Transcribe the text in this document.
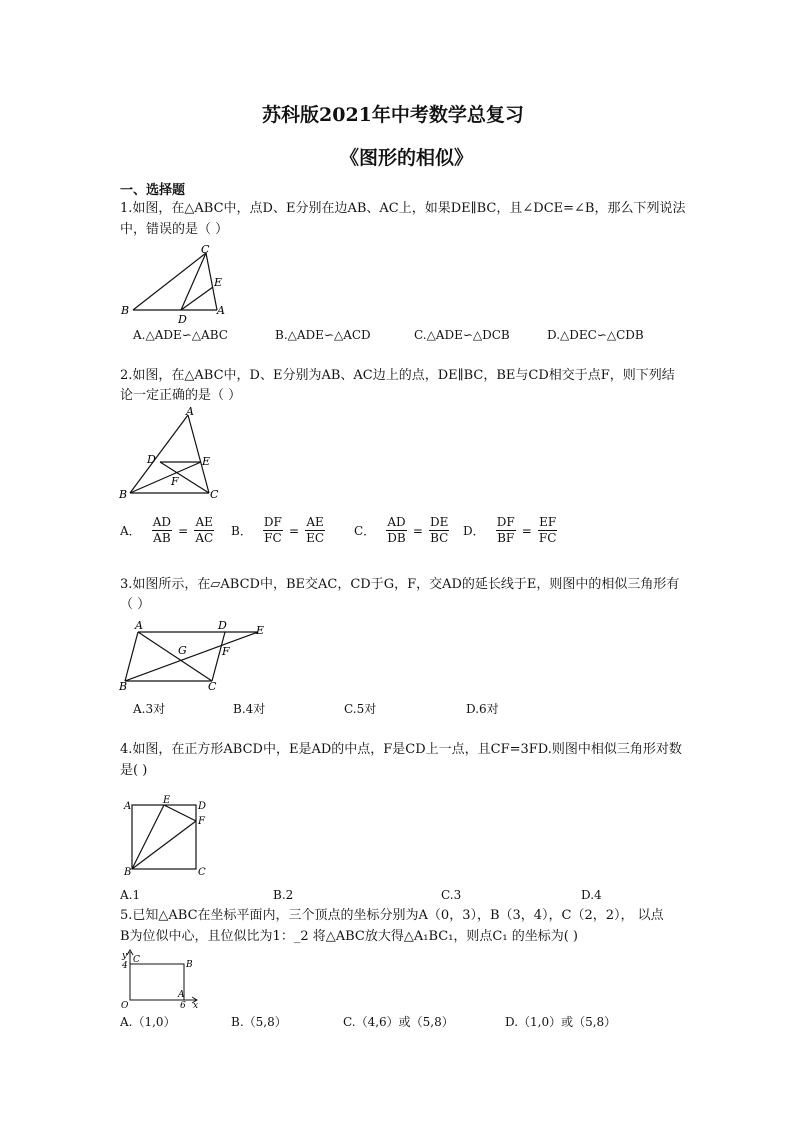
苏科版2021年中考数学总复习
《图形的相似》
一、选择题
1.如图，在△ABC中，点D、E分别在边AB、AC上，如果DE∥BC，且∠DCE=∠B，那么下列说法
中，错误的是（ ）
C
E
B
D
A
A.△ADE∽△ABC	B.△ADE∽△ACD	C.△ADE∽△DCB	D.△DEC∽△CDB
2.如图，在△ABC中，D、E分别为AB、AC边上的点，DE∥BC，BE与CD相交于点F，则下列结
论一定正确的是（ ）
A
D	E
F
B	C
A． $\frac{AD}{AB} = \frac{AE}{AC}$ B． $\frac{DF}{FC} = \frac{AE}{EC}$ C． $\frac{AD}{DB} = \frac{DE}{BC}$ D． $\frac{DF}{BF} = \frac{EF}{FC}$
3.如图所示，在▱ABCD中，BE交AC，CD于G，F，交AD的延长线于E，则图中的相似三角形有
（ ）
A	D	E
G	F
B	C
A.3对	B.4对	C.5对	D.6对
4.如图，在正方形ABCD中，E是AD的中点，F是CD上一点，且CF=3FD.则图中相似三角形对数
是( )
A
E
D
F
B	C
A.1	B.2	C.3	D.4
5.已知△ABC在坐标平面内，三个顶点的坐标分别为A（0，3），B（3，4），C（2，2）， 以点
B为位似中心，且位似比为1：_2 将△ABC放大得△A₁BC₁，则点C₁ 的坐标为( )
y
4
C	B
A
O	6 x
A.（1,0）	B.（5,8）	C.（4,6）或（5,8）	D.（1,0）或（5,8）
